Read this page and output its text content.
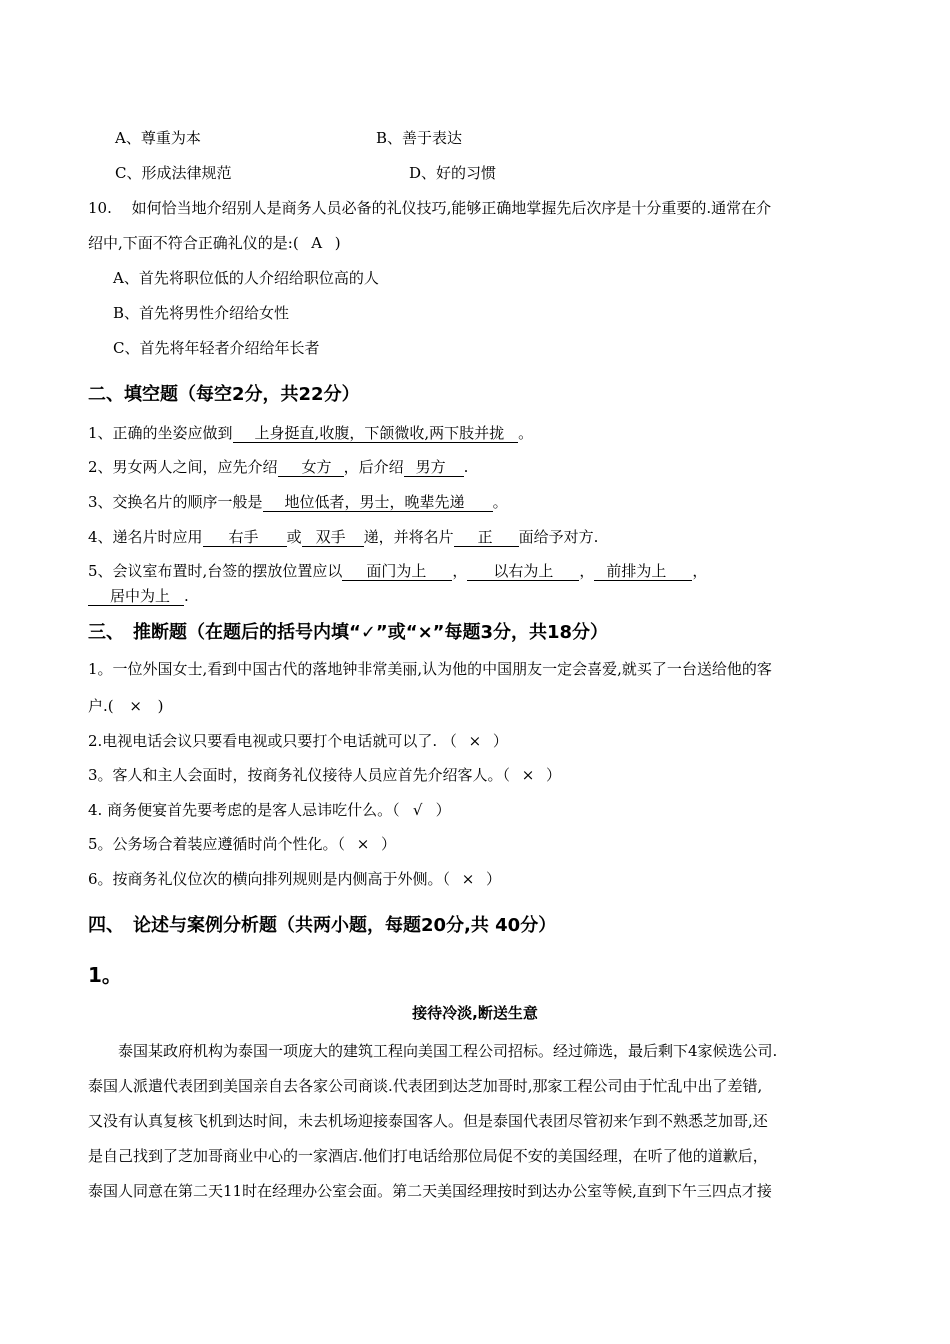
A、尊重为本	B、善于表达
C、形成法律规范	D、好的习惯
10.　 如何恰当地介绍别人是商务人员必备的礼仪技巧,能够正确地掌握先后次序是十分重要的.通常在介
绍中,下面不符合正确礼仪的是:( A )
A、首先将职位低的人介绍给职位高的人
B、首先将男性介绍给女性
C、首先将年轻者介绍给年长者
二、填空题（每空2分，共22分）
1、正确的坐姿应做到 上身挺直,收腹，下颌微收,两下肢并拢 。
2、男女两人之间，应先介绍 女方 ，后介绍 男方 .
3、交换名片的顺序一般是 地位低者，男士，晚辈先递 。
4、递名片时应用 右手 或 双手 递，并将名片 正 面给予对方.
5、会议室布置时,台签的摆放位置应以 面门为上 ， 以右为上 ， 前排为上 ，
居中为上 .
三、　推断题（在题后的括号内填“✓”或“×”每题3分，共18分）
1。一位外国女士,看到中国古代的落地钟非常美丽,认为他的中国朋友一定会喜爱,就买了一台送给他的客
户.( × )
2.电视电话会议只要看电视或只要打个电话就可以了. （ × ）
3。客人和主人会面时，按商务礼仪接待人员应首先介绍客人。（ × ）
4. 商务便宴首先要考虑的是客人忌讳吃什么。（ √ ）
5。公务场合着装应遵循时尚个性化。（ × ）
6。按商务礼仪位次的横向排列规则是内侧高于外侧。（ × ）
四、　论述与案例分析题（共两小题，每题20分,共 40分）
1。
接待冷淡,断送生意
　　泰国某政府机构为泰国一项庞大的建筑工程向美国工程公司招标。经过筛选，最后剩下4家候选公司.
泰国人派遣代表团到美国亲自去各家公司商谈.代表团到达芝加哥时,那家工程公司由于忙乱中出了差错,
又没有认真复核飞机到达时间，未去机场迎接泰国客人。但是泰国代表团尽管初来乍到不熟悉芝加哥,还
是自己找到了芝加哥商业中心的一家酒店.他们打电话给那位局促不安的美国经理，在听了他的道歉后，
泰国人同意在第二天11时在经理办公室会面。第二天美国经理按时到达办公室等候,直到下午三四点才接
